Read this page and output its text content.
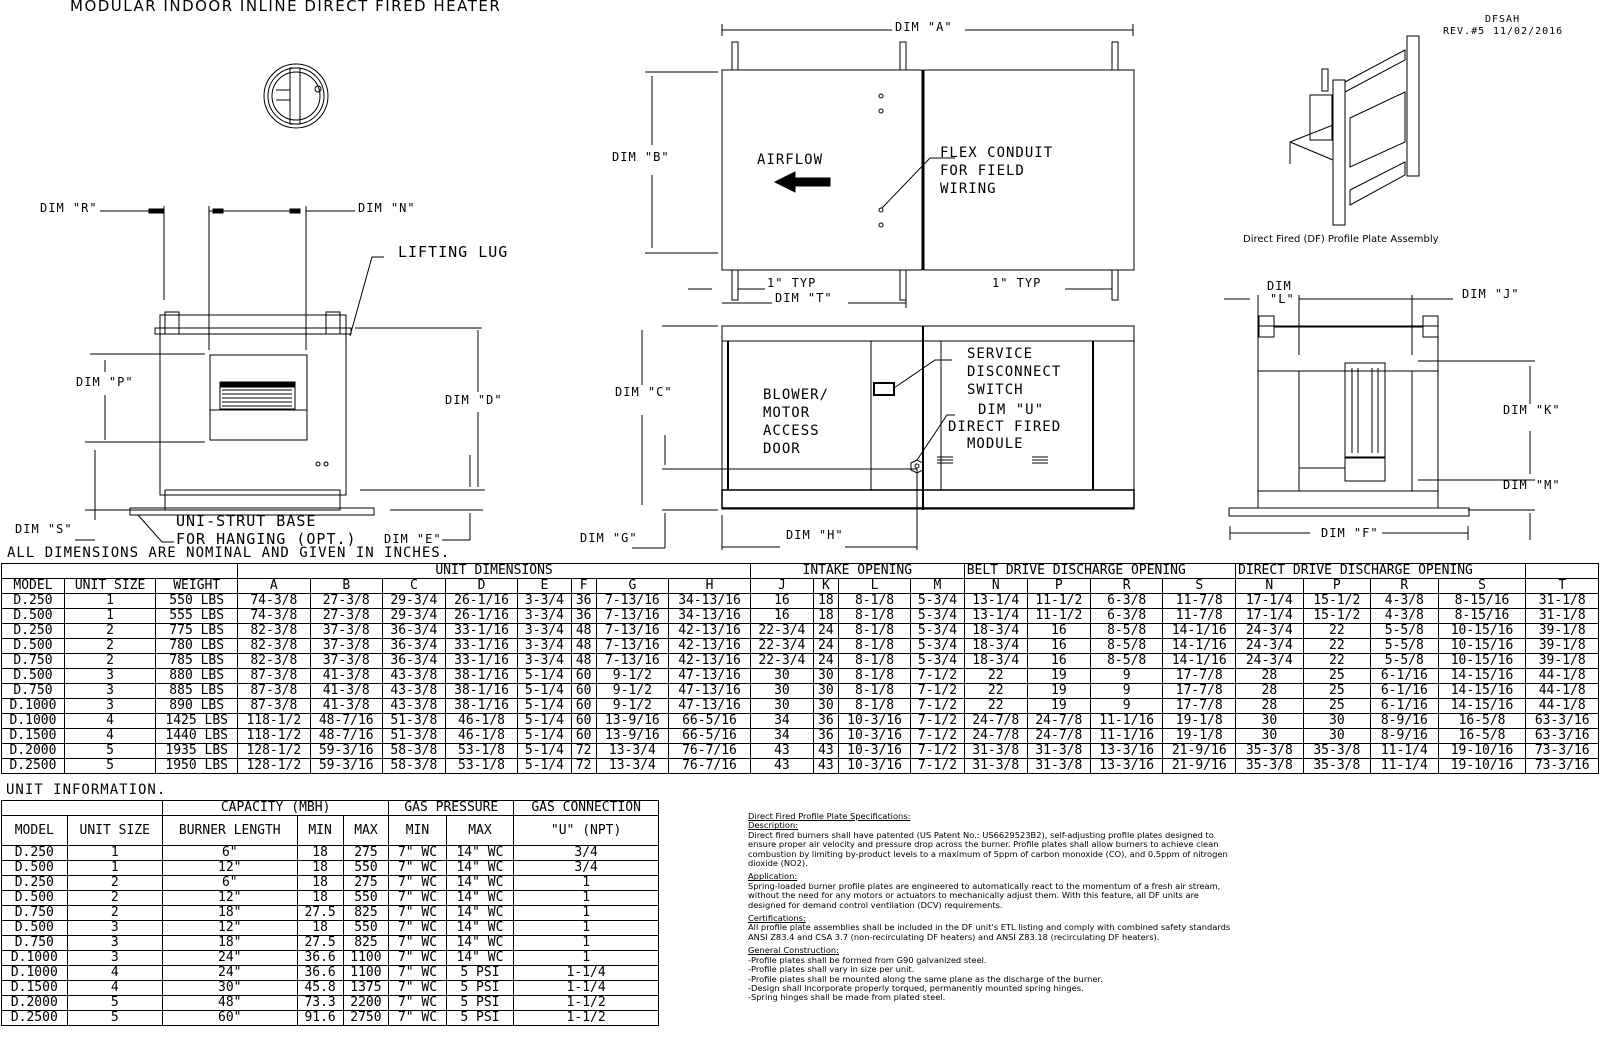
MODULAR INDOOR INLINE DIRECT FIRED HEATER
DFSAH
REV.#5 11/02/2016
DIM "R"	DIM "N"
LIFTING LUG
DIM "P"
DIM "D"
DIM "S"
DIM "E"
UNI-STRUT BASE
FOR HANGING (OPT.)
DIM "A"
DIM "B"	AIRFLOW	FLEX CONDUIT
FOR FIELD
WIRING
1" TYP	1" TYP
DIM "T"
DIM "C"	BLOWER/
MOTOR
ACCESS
DOOR
SERVICE
DISCONNECT
SWITCH
DIM "U"
DIRECT FIRED
MODULE
DIM "G"	DIM "H"
DIM
"L"	DIM "J"
DIM "K"
DIM "M"
DIM "F"
Direct Fired (DF) Profile Plate Assembly
ALL DIMENSIONS ARE NOMINAL AND GIVEN IN INCHES.
			UNIT DIMENSIONS								INTAKE OPENING				BELT DRIVE DISCHARGE OPENING				DIRECT DRIVE DISCHARGE OPENING				
MODEL	UNIT SIZE	WEIGHT	A	B	C	D	E	F	G	H	J	K	L	M	N	P	R	S	N	P	R	S	T
D.250	1	550 LBS	74-3/8	27-3/8	29-3/4	26-1/16	3-3/4	36	7-13/16	34-13/16	16	18	8-1/8	5-3/4	13-1/4	11-1/2	6-3/8	11-7/8	17-1/4	15-1/2	4-3/8	8-15/16	31-1/8
D.500	1	555 LBS	74-3/8	27-3/8	29-3/4	26-1/16	3-3/4	36	7-13/16	34-13/16	16	18	8-1/8	5-3/4	13-1/4	11-1/2	6-3/8	11-7/8	17-1/4	15-1/2	4-3/8	8-15/16	31-1/8
D.250	2	775 LBS	82-3/8	37-3/8	36-3/4	33-1/16	3-3/4	48	7-13/16	42-13/16	22-3/4	24	8-1/8	5-3/4	18-3/4	16	8-5/8	14-1/16	24-3/4	22	5-5/8	10-15/16	39-1/8
D.500	2	780 LBS	82-3/8	37-3/8	36-3/4	33-1/16	3-3/4	48	7-13/16	42-13/16	22-3/4	24	8-1/8	5-3/4	18-3/4	16	8-5/8	14-1/16	24-3/4	22	5-5/8	10-15/16	39-1/8
D.750	2	785 LBS	82-3/8	37-3/8	36-3/4	33-1/16	3-3/4	48	7-13/16	42-13/16	22-3/4	24	8-1/8	5-3/4	18-3/4	16	8-5/8	14-1/16	24-3/4	22	5-5/8	10-15/16	39-1/8
D.500	3	880 LBS	87-3/8	41-3/8	43-3/8	38-1/16	5-1/4	60	9-1/2	47-13/16	30	30	8-1/8	7-1/2	22	19	9	17-7/8	28	25	6-1/16	14-15/16	44-1/8
D.750	3	885 LBS	87-3/8	41-3/8	43-3/8	38-1/16	5-1/4	60	9-1/2	47-13/16	30	30	8-1/8	7-1/2	22	19	9	17-7/8	28	25	6-1/16	14-15/16	44-1/8
D.1000	3	890 LBS	87-3/8	41-3/8	43-3/8	38-1/16	5-1/4	60	9-1/2	47-13/16	30	30	8-1/8	7-1/2	22	19	9	17-7/8	28	25	6-1/16	14-15/16	44-1/8
D.1000	4	1425 LBS	118-1/2	48-7/16	51-3/8	46-1/8	5-1/4	60	13-9/16	66-5/16	34	36	10-3/16	7-1/2	24-7/8	24-7/8	11-1/16	19-1/8	30	30	8-9/16	16-5/8	63-3/16
D.1500	4	1440 LBS	118-1/2	48-7/16	51-3/8	46-1/8	5-1/4	60	13-9/16	66-5/16	34	36	10-3/16	7-1/2	24-7/8	24-7/8	11-1/16	19-1/8	30	30	8-9/16	16-5/8	63-3/16
D.2000	5	1935 LBS	128-1/2	59-3/16	58-3/8	53-1/8	5-1/4	72	13-3/4	76-7/16	43	43	10-3/16	7-1/2	31-3/8	31-3/8	13-3/16	21-9/16	35-3/8	35-3/8	11-1/4	19-10/16	73-3/16
D.2500	5	1950 LBS	128-1/2	59-3/16	58-3/8	53-1/8	5-1/4	72	13-3/4	76-7/16	43	43	10-3/16	7-1/2	31-3/8	31-3/8	13-3/16	21-9/16	35-3/8	35-3/8	11-1/4	19-10/16	73-3/16
UNIT INFORMATION.
		CAPACITY (MBH)			GAS PRESSURE		GAS CONNECTION
MODEL	UNIT SIZE	BURNER LENGTH	MIN	MAX	MIN	MAX	"U" (NPT)
D.250	1	6"	18	275	7" WC	14" WC	3/4
D.500	1	12"	18	550	7" WC	14" WC	3/4
D.250	2	6"	18	275	7" WC	14" WC	1
D.500	2	12"	18	550	7" WC	14" WC	1
D.750	2	18"	27.5	825	7" WC	14" WC	1
D.500	3	12"	18	550	7" WC	14" WC	1
D.750	3	18"	27.5	825	7" WC	14" WC	1
D.1000	3	24"	36.6	1100	7" WC	14" WC	1
D.1000	4	24"	36.6	1100	7" WC	5 PSI	1-1/4
D.1500	4	30"	45.8	1375	7" WC	5 PSI	1-1/4
D.2000	5	48"	73.3	2200	7" WC	5 PSI	1-1/2
D.2500	5	60"	91.6	2750	7" WC	5 PSI	1-1/2
Direct Fired Profile Plate Specifications:
Description:

Direct fired burners shall have patented (US Patent No.: US6629523B2), self-adjusting profile plates designed to ensure proper air velocity and pressure drop across the burner. Profile plates shall allow burners to achieve clean combustion by limiting by-product levels to a maximum of 5ppm of carbon monoxide (CO), and 0.5ppm of nitrogen dioxide (NO2).

Application:

Spring-loaded burner profile plates are engineered to automatically react to the momentum of a fresh air stream, without the need for any motors or actuators to mechanically adjust them. With this feature, all DF units are designed for demand control ventilation (DCV) requirements.

Certifications:

All profile plate assemblies shall be included in the DF unit's ETL listing and comply with combined safety standards ANSI Z83.4 and CSA 3.7 (non-recirculating DF heaters) and ANSI Z83.18 (recirculating DF heaters).

General Construction:
-Profile plates shall be formed from G90 galvanized steel.
-Profile plates shall vary in size per unit.
-Profile plates shall be mounted along the same plane as the discharge of the burner.
-Design shall incorporate properly torqued, permanently mounted spring hinges.
-Spring hinges shall be made from plated steel.
